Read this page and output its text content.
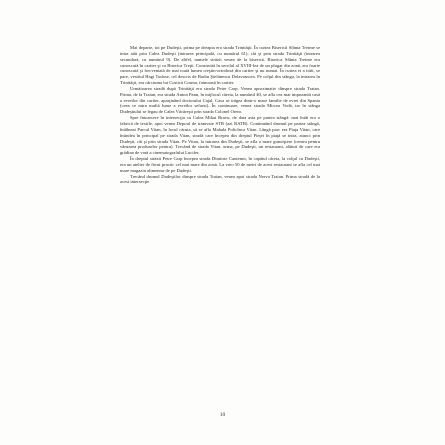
Mai departe, tot pe Dudeşti, prima pe dreapta era strada Trinităţii. În curtea Bisericii Sfânta Treime se intra atât prin Calea Dudeşti (intrarea principală, cu numărul 61), cât şi prin strada Trinităţii (intrarea secundară, cu numărul 9). De altfel, numele străzii venea de la biserică. Biserica Sfânta Treime era cunoscută în cartier şi ca Biserica Treţii. Construită în secolul al XVIII-lea de un plugar din zonă, era foarte cunoscută şi frecventată de mai toată lumea creştin-ortodoxă din cartier şi nu numai. În curtea ei a trăit, se pare, vestitul Hagi Tudose, cel descris de Barbu Ştefănescu Delavrancea. Pe colţul din stânga, la intrarea în Trinităţii, era cârciuma lui Costică Cosma, faimoasă în cartier.

Următoarea stradă după Trinităţii era strada Petre Carp. Venea aproximativ dinspre strada Traian. Prima, de la Traian, era strada Anton Pann, în mijlocul căreia, la numărul 40, se afla cea mai impozantă casă a evreilor din cartier, aparţinând doctorului Cajal. Casa se trăgea dintr-o mare familie de evrei din Spania (ceea ce mira multă lume a evreilor sefarzi). În continuare, venea strada Mircea Vodă, iar în stânga Dudeştiului se legau de Calea Văcăreşti prin strada Colonel Orero.

Spre întoarcere în intersecţia cu Calea Mihai Bravu, de data asta pe partea stângă: mai întâi era o fabrică de textile, apoi venea Depoul de tramvaie STB (azi RATB). Continuând drumul pe partea stângă, întâlneai Parcul Vitan, în locul căruia, să se afla Mahala Policînca Vitan. Lângă parc era Piaţa Vitan, care întindea în principal pe strada Vitan, stradă care începea din dreptul Pieţei în piaţă se intra, atunci prin Dudeşti, cât şi prin strada Vitan. Pe Vitan, la intrarea din Dudeşti, se afla o mare gunoiştere (centru pentru vânzarea produselor pentru). Trecând de strada Vitan, urma, pe Dudeşti, un restaurant, alături de care era grădina de vară a cinematografului Lucifer.

În dreptul străzii Petre Carp începea strada Dimitrie Cantemir, în capătul căreia, la colţul cu Dudeşti, era un atelier de făcut practic cel mai mare din zonă. La vreo 50 de metri de acest restaurant se afla cel mai mare magazin alimentar de pe Dudeşti.

Trecând drumul Dudeştilor dinspre strada Traian, venea apoi strada Nerva Traian. Prima stradă de la acest intersecţie

10
